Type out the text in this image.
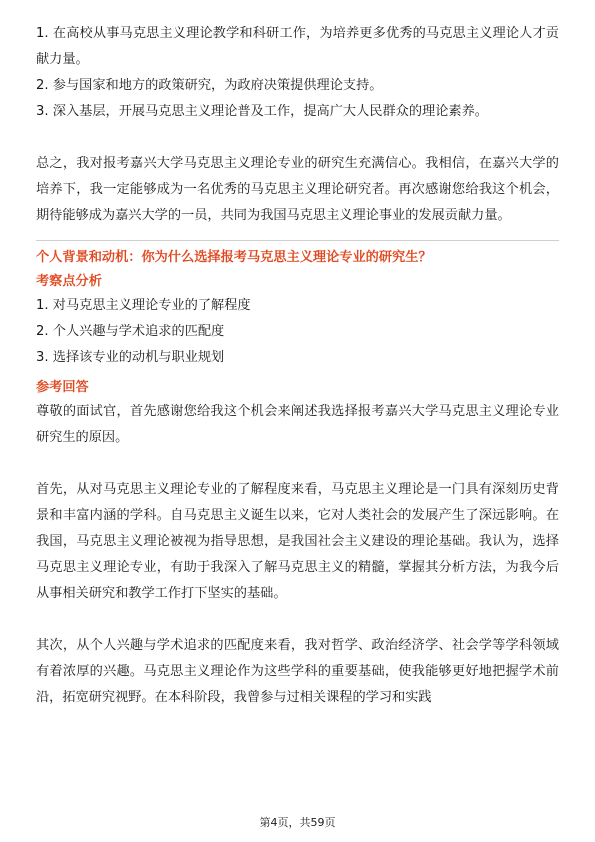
1. 在高校从事马克思主义理论教学和科研工作，为培养更多优秀的马克思主义理论人才贡献力量。

2. 参与国家和地方的政策研究，为政府决策提供理论支持。

3. 深入基层，开展马克思主义理论普及工作，提高广大人民群众的理论素养。

总之，我对报考嘉兴大学马克思主义理论专业的研究生充满信心。我相信，在嘉兴大学的培养下，我一定能够成为一名优秀的马克思主义理论研究者。再次感谢您给我这个机会，期待能够成为嘉兴大学的一员，共同为我国马克思主义理论事业的发展贡献力量。

个人背景和动机：你为什么选择报考马克思主义理论专业的研究生？

考察点分析

1. 对马克思主义理论专业的了解程度

2. 个人兴趣与学术追求的匹配度

3. 选择该专业的动机与职业规划

参考回答

尊敬的面试官，首先感谢您给我这个机会来阐述我选择报考嘉兴大学马克思主义理论专业研究生的原因。

首先，从对马克思主义理论专业的了解程度来看，马克思主义理论是一门具有深刻历史背景和丰富内涵的学科。自马克思主义诞生以来，它对人类社会的发展产生了深远影响。在我国，马克思主义理论被视为指导思想，是我国社会主义建设的理论基础。我认为，选择马克思主义理论专业，有助于我深入了解马克思主义的精髓，掌握其分析方法，为我今后从事相关研究和教学工作打下坚实的基础。

其次，从个人兴趣与学术追求的匹配度来看，我对哲学、政治经济学、社会学等学科领域有着浓厚的兴趣。马克思主义理论作为这些学科的重要基础，使我能够更好地把握学术前沿，拓宽研究视野。在本科阶段，我曾参与过相关课程的学习和实践

第4页，共59页
